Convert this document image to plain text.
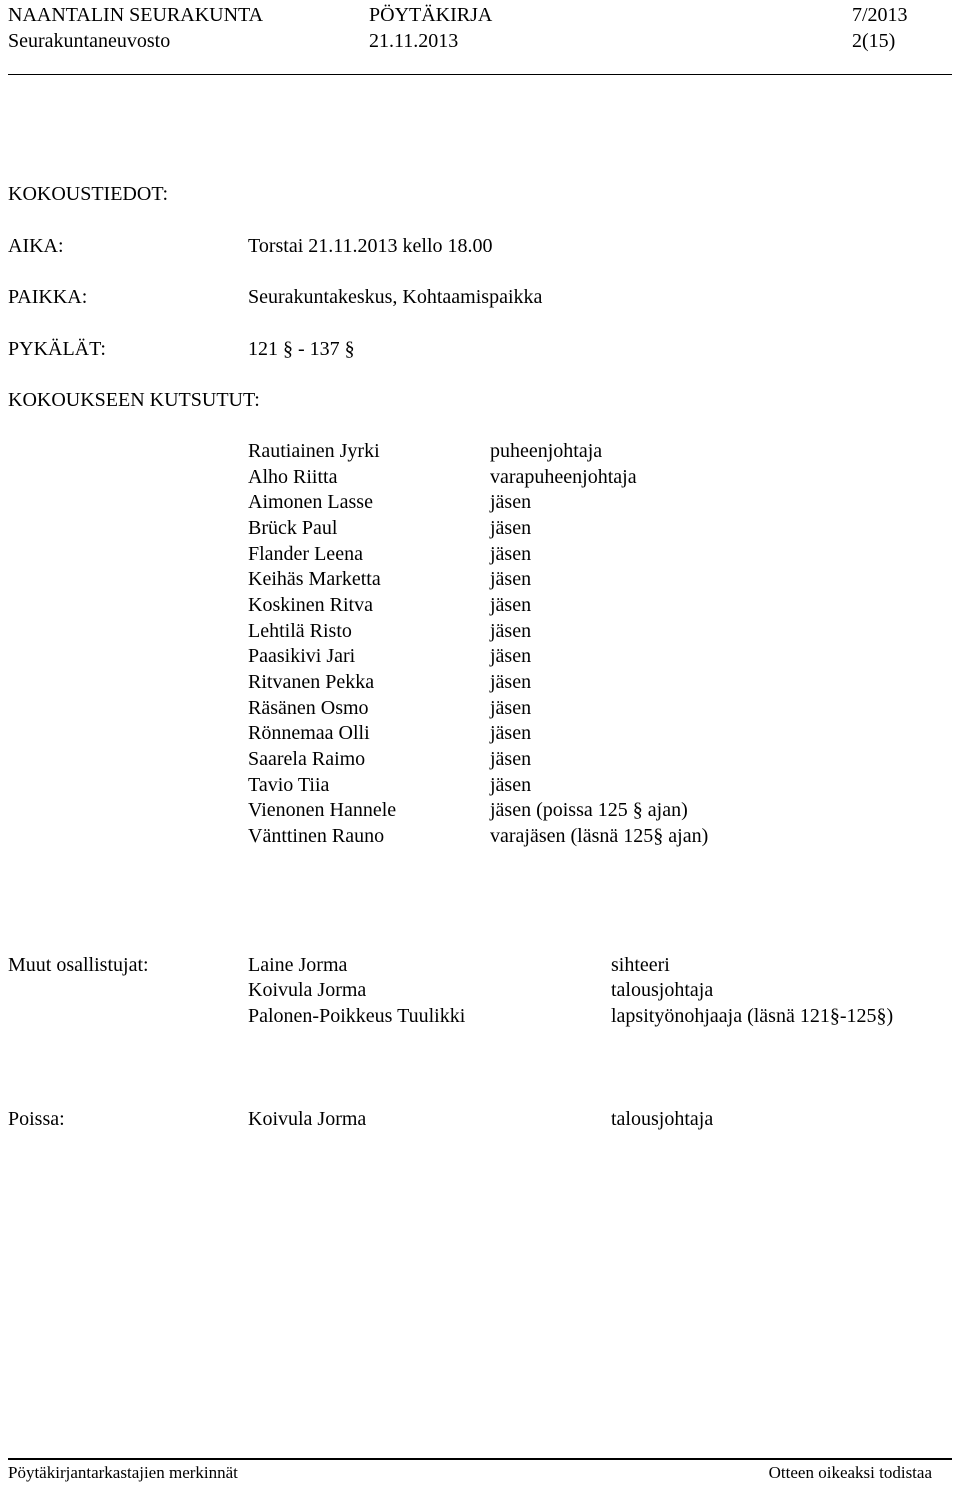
NAANTALIN SEURAKUNTA	PÖYTÄKIRJA	7/2013
Seurakuntaneuvosto	21.11.2013	2(15)
KOKOUSTIEDOT:
AIKA:	Torstai 21.11.2013 kello 18.00
PAIKKA:	Seurakuntakeskus, Kohtaamispaikka
PYKÄLÄT:	121 § - 137 §
KOKOUKSEEN KUTSUTUT:
Rautiainen Jyrki	puheenjohtaja
Alho Riitta	varapuheenjohtaja
Aimonen Lasse	jäsen
Brück Paul	jäsen
Flander Leena	jäsen
Keihäs Marketta	jäsen
Koskinen Ritva	jäsen
Lehtilä Risto	jäsen
Paasikivi Jari	jäsen
Ritvanen Pekka	jäsen
Räsänen Osmo	jäsen
Rönnemaa Olli	jäsen
Saarela Raimo	jäsen
Tavio Tiia	jäsen
Vienonen Hannele	jäsen (poissa 125 § ajan)
Vänttinen Rauno	varajäsen (läsnä 125§ ajan)
Muut osallistujat:	Laine Jorma	sihteeri
Koivula Jorma	talousjohtaja
Palonen-Poikkeus Tuulikki	lapsityönohjaaja (läsnä 121§-125§)
Poissa:	Koivula Jorma	talousjohtaja
Pöytäkirjantarkastajien merkinnät	Otteen oikeaksi todistaa
